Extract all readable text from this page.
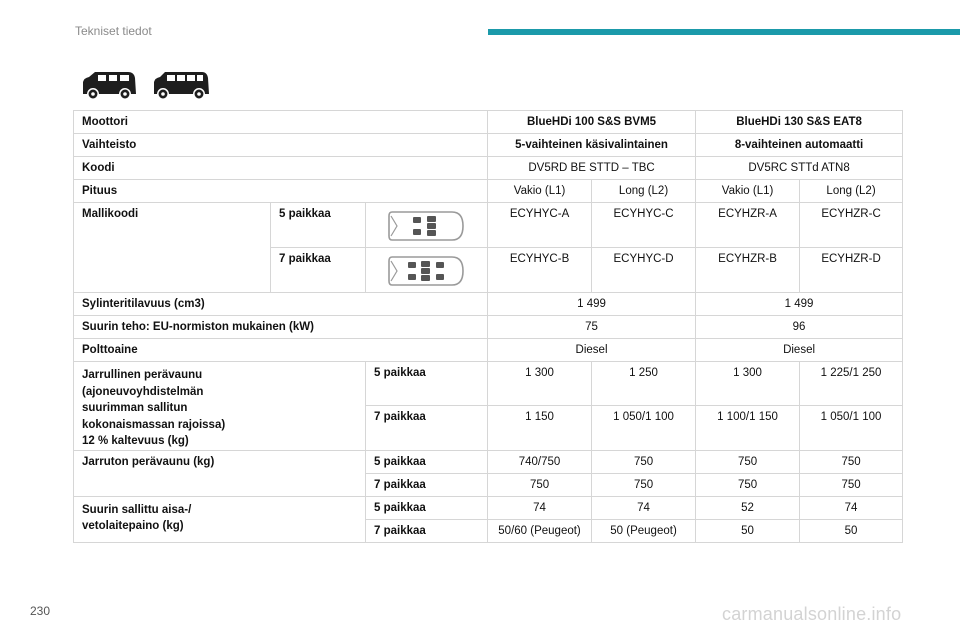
Tekniset tiedot
Moottori			BlueHDi 100 S&S BVM5		BlueHDi 130 S&S EAT8	
Vaihteisto			5-vaihteinen käsivalintainen		8-vaihteinen automaatti	
Koodi			DV5RD BE STTD – TBC		DV5RC STTd ATN8	
Pituus			Vakio (L1)	Long (L2)	Vakio (L1)	Long (L2)
Mallikoodi	5 paikkaa		ECYHYC-A	ECYHYC-C	ECYHZR-A	ECYHZR-C
	7 paikkaa		ECYHYC-B	ECYHYC-D	ECYHZR-B	ECYHZR-D
Sylinteritilavuus (cm3)			1 499		1 499	
Suurin teho: EU-normiston mukainen (kW)			75		96	
Polttoaine			Diesel		Diesel	

Jarrullinen perävaunu
(ajoneuvoyhdistelmän
suurimman sallitun
kokonaismassan rajoissa)
12 % kaltevuus (kg)		5 paikkaa	1 300	1 250	1 300	1 225/1 250
		7 paikkaa	1 150	1 050/1 100	1 100/1 150	1 050/1 100
Jarruton perävaunu (kg)		5 paikkaa	740/750	750	750	750
		7 paikkaa	750	750	750	750

Suurin sallittu aisa-/
vetolaitepaino (kg)		5 paikkaa	74	74	52	74
		7 paikkaa	50/60 (Peugeot)	50 (Peugeot)	50	50
230	carmanualsonline.info
